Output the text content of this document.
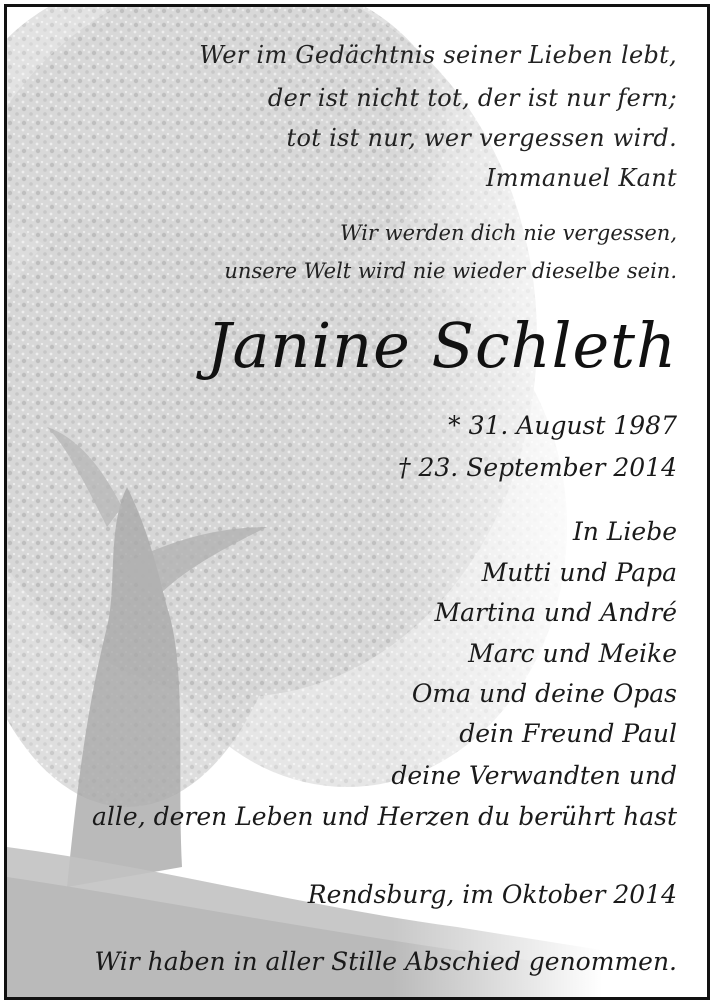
Wer im Gedächtnis seiner Lieben lebt,
der ist nicht tot, der ist nur fern;
tot ist nur, wer vergessen wird.
Immanuel Kant
Wir werden dich nie vergessen,
unsere Welt wird nie wieder dieselbe sein.
Janine Schleth
* 31. August 1987
† 23. September 2014
In Liebe
Mutti und Papa
Martina und André
Marc und Meike
Oma und deine Opas
dein Freund Paul
deine Verwandten und
alle, deren Leben und Herzen du berührt hast
Rendsburg, im Oktober 2014
Wir haben in aller Stille Abschied genommen.
